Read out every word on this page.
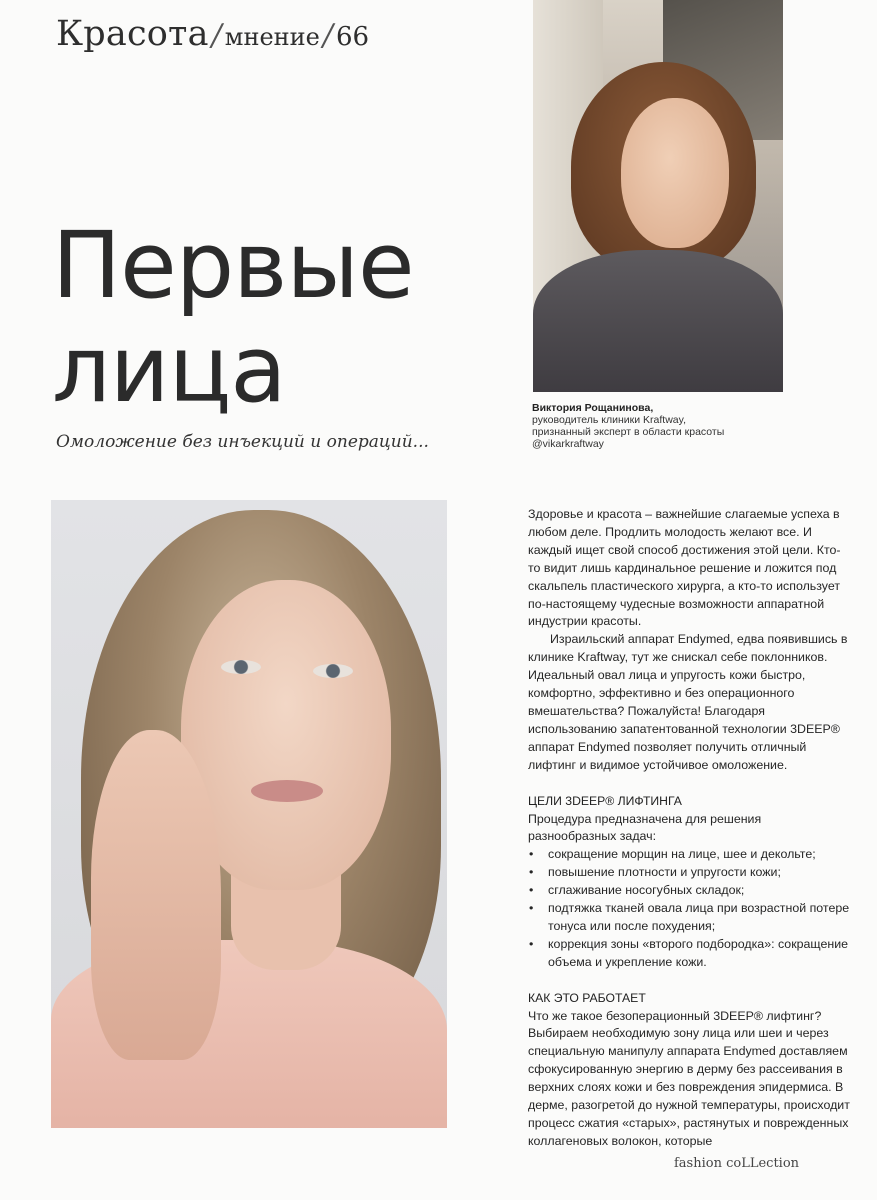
Красота / мнение / 66
Первые
лица
Омоложение без инъекций и операций...
Виктория Рощанинова,
руководитель клиники Kraftway,
признанный эксперт в области красоты
@vikarkraftway

Здоровье и красота – важнейшие слагаемые успеха в любом деле. Продлить молодость желают все. И каждый ищет свой способ достижения этой цели. Кто-то видит лишь кардинальное решение и ложится под скальпель пластического хирурга, а кто-то использует по-настоящему чудесные возможности аппаратной индустрии красоты.

Израильский аппарат Endymed, едва появившись в клинике Kraftway, тут же снискал себе поклонников. Идеальный овал лица и упругость кожи быстро, комфортно, эффективно и без операционного вмешательства? Пожалуйста! Благодаря использованию запатентованной технологии 3DEEP® аппарат Endymed позволяет получить отличный лифтинг и видимое устойчивое омоложение.

ЦЕЛИ 3DEEP® ЛИФТИНГА

Процедура предназначена для решения разнообразных задач:

• сокращение морщин на лице, шее и декольте;
• повышение плотности и упругости кожи;
• сглаживание носогубных складок;
• подтяжка тканей овала лица при возрастной потере тонуса или после похудения;
• коррекция зоны «второго подбородка»: сокращение объема и укрепление кожи.

КАК ЭТО РАБОТАЕТ

Что же такое безоперационный 3DEEP® лифтинг? Выбираем необходимую зону лица или шеи и через специальную манипулу аппарата Endymed доставляем сфокусированную энергию в дерму без рассеивания в верхних слоях кожи и без повреждения эпидермиса. В дерме, разогретой до нужной температуры, происходит процесс сжатия «старых», растянутых и поврежденных коллагеновых волокон, которые

fashion coLLection
